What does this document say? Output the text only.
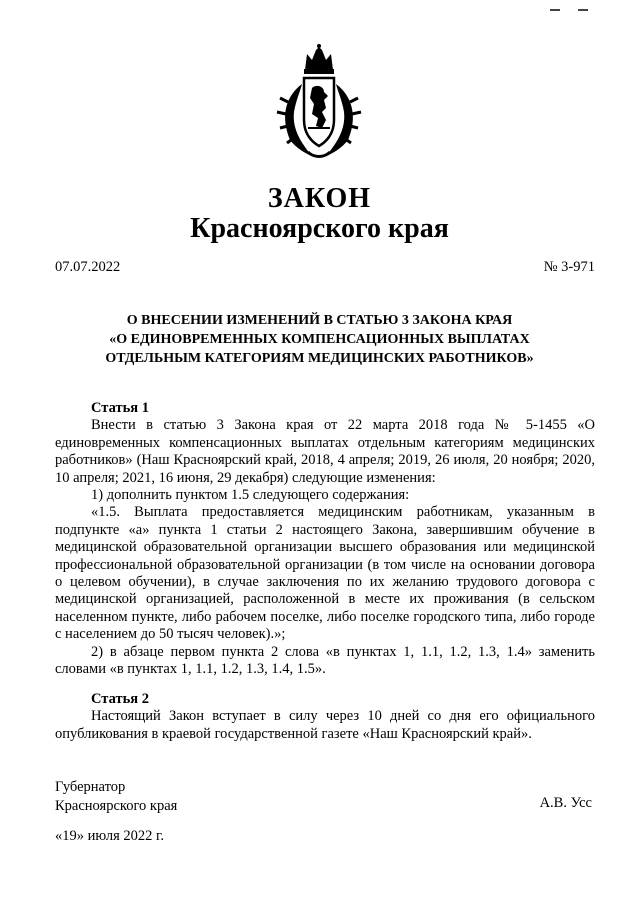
ЗАКОН
Красноярского края
07.07.2022	№ 3-971
О ВНЕСЕНИИ ИЗМЕНЕНИЙ В СТАТЬЮ 3 ЗАКОНА КРАЯ
«О ЕДИНОВРЕМЕННЫХ КОМПЕНСАЦИОННЫХ ВЫПЛАТАХ
ОТДЕЛЬНЫМ КАТЕГОРИЯМ МЕДИЦИНСКИХ РАБОТНИКОВ»
Статья 1

Внести в статью 3 Закона края от 22 марта 2018 года № 5-1455 «О единовременных компенсационных выплатах отдельным категориям медицинских работников» (Наш Красноярский край, 2018, 4 апреля; 2019, 26 июля, 20 ноября; 2020, 10 апреля; 2021, 16 июня, 29 декабря) следующие изменения:

1) дополнить пунктом 1.5 следующего содержания:

«1.5. Выплата предоставляется медицинским работникам, указанным в подпункте «а» пункта 1 статьи 2 настоящего Закона, завершившим обучение в медицинской образовательной организации высшего образования или медицинской профессиональной образовательной организации (в том числе на основании договора о целевом обучении), в случае заключения по их желанию трудового договора с медицинской организацией, расположенной в месте их проживания (в сельском населенном пункте, либо рабочем поселке, либо поселке городского типа, либо городе с населением до 50 тысяч человек).»;

2) в абзаце первом пункта 2 слова «в пунктах 1, 1.1, 1.2, 1.3, 1.4» заменить словами «в пунктах 1, 1.1, 1.2, 1.3, 1.4, 1.5».

Статья 2

Настоящий Закон вступает в силу через 10 дней со дня его официального опубликования в краевой государственной газете «Наш Красноярский край».

Губернатор
Красноярского края	А.В. Усс
«19» июля 2022 г.
